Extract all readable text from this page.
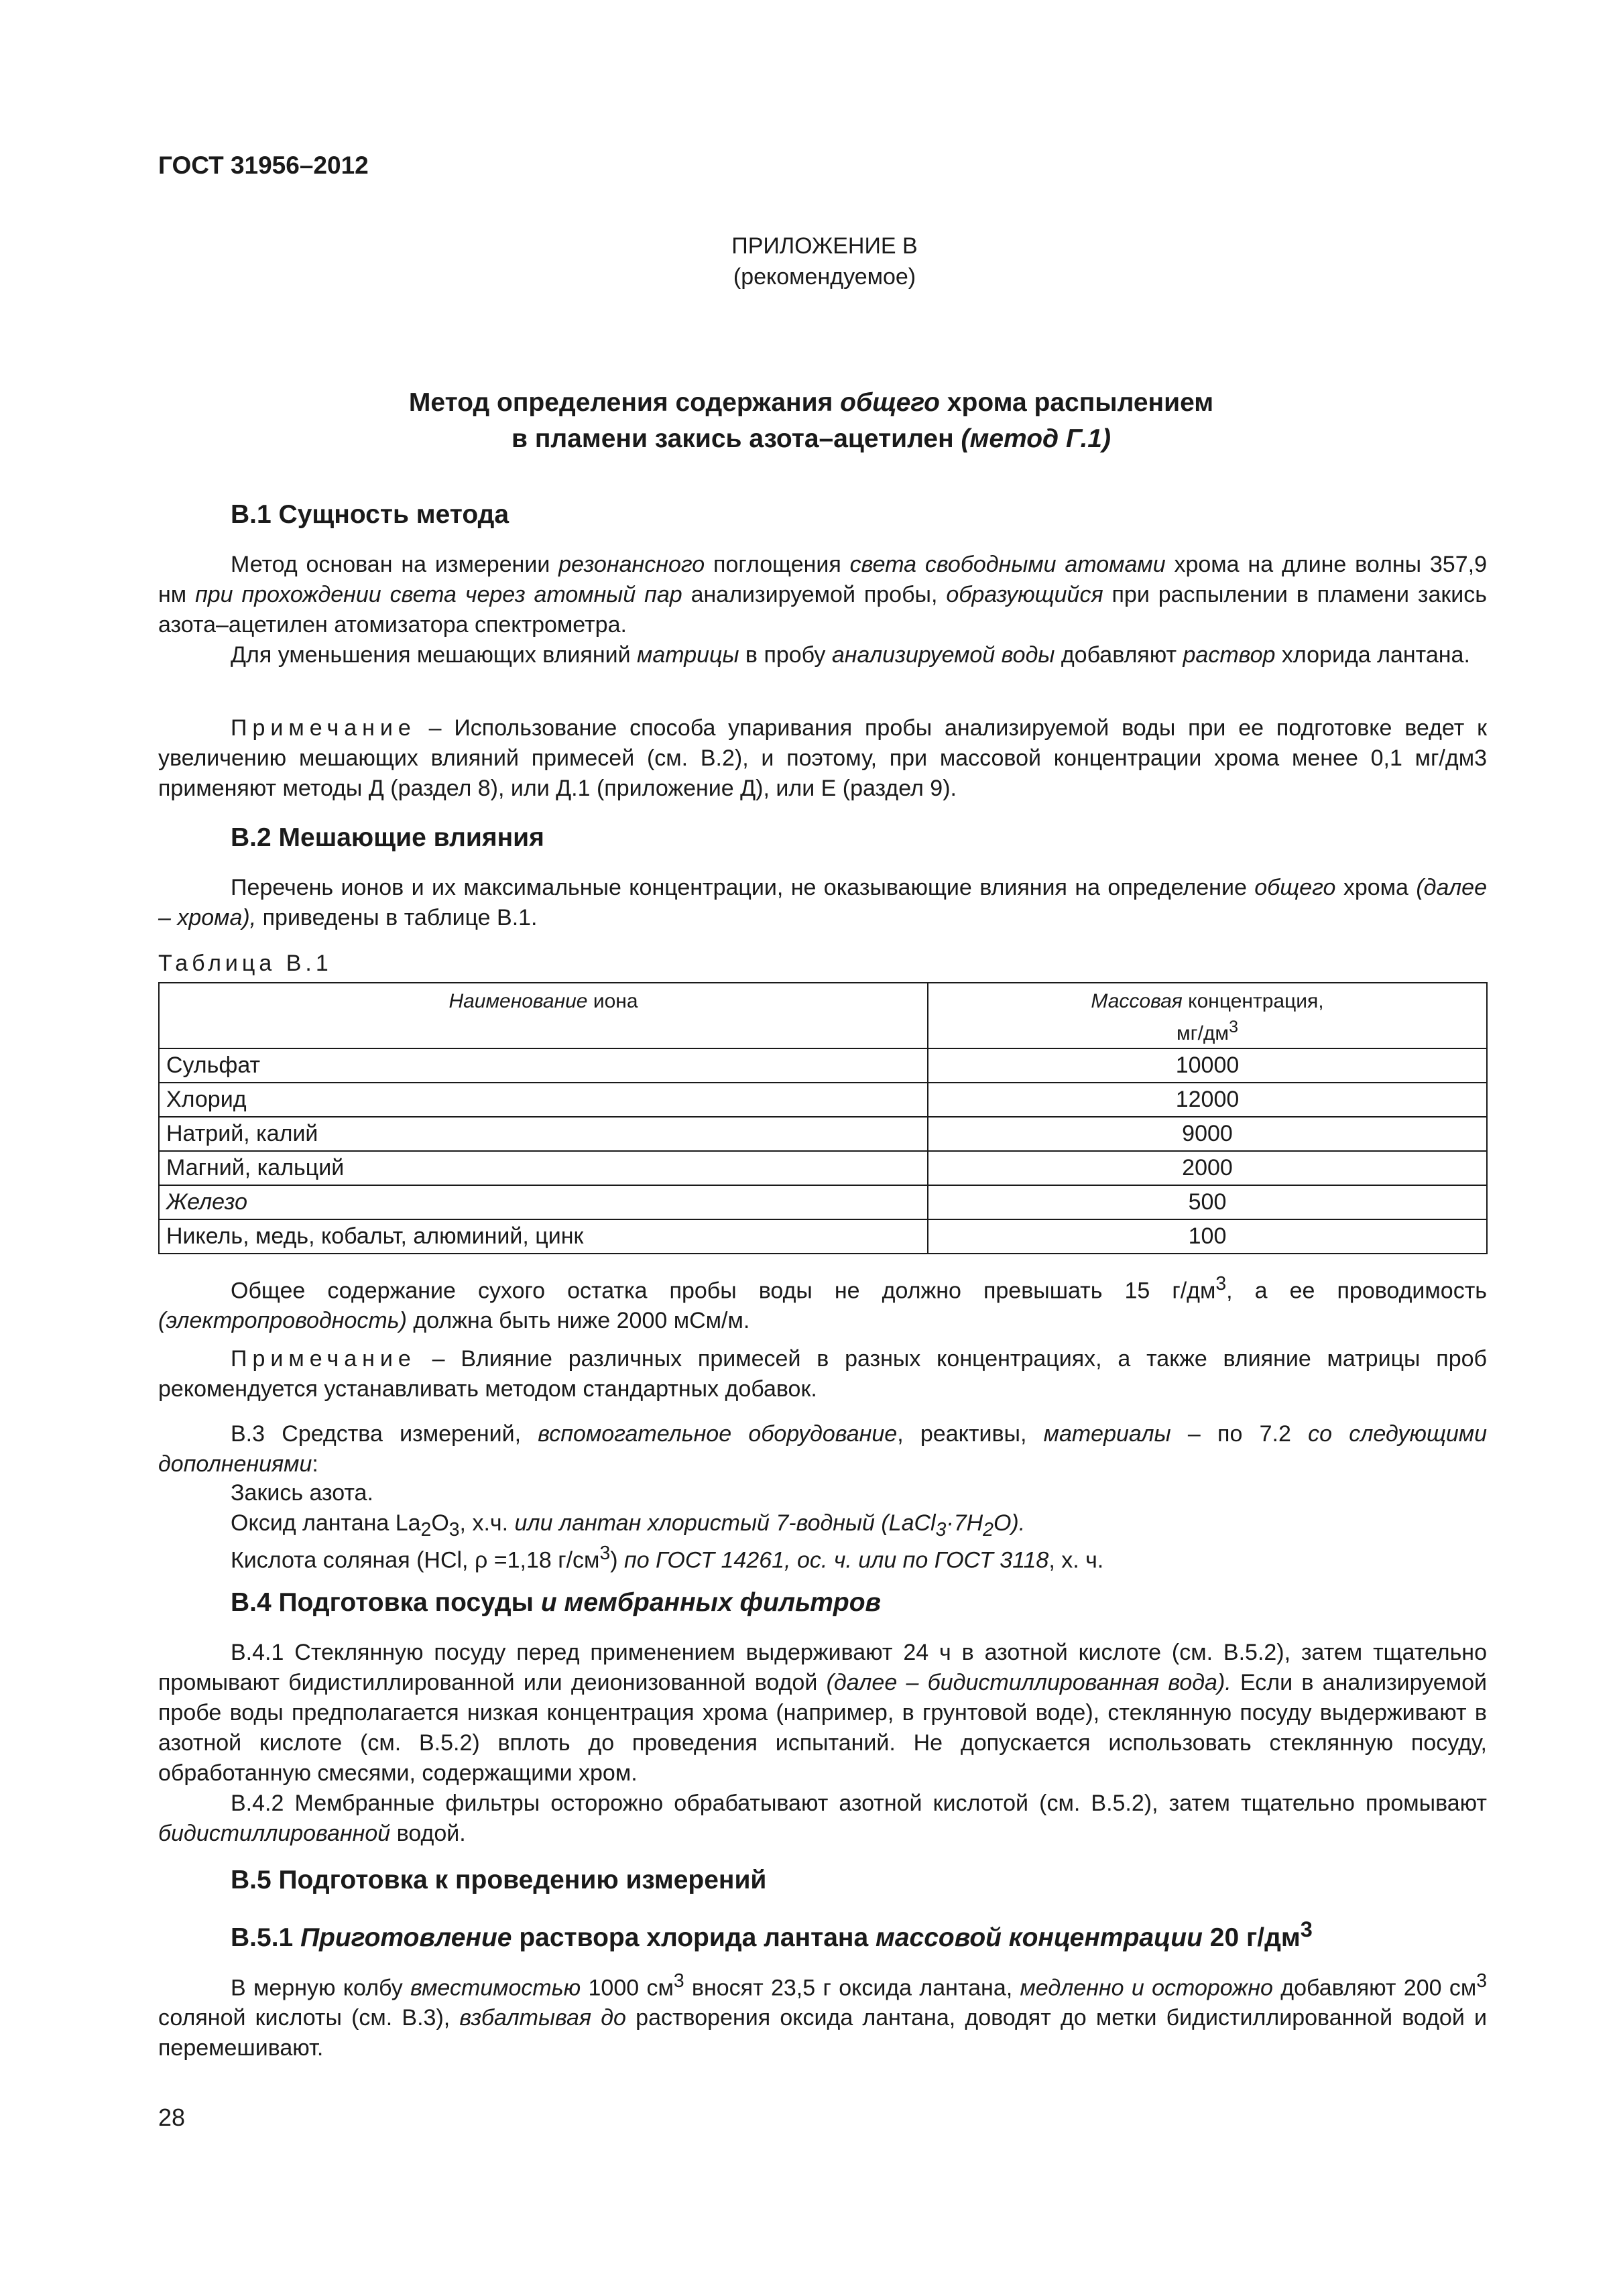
ГОСТ 31956–2012
ПРИЛОЖЕНИЕ В
(рекомендуемое)
Метод определения содержания общего хрома распылением
в пламени закись азота–ацетилен (метод Г.1)
В.1 Сущность метода

Метод основан на измерении резонансного поглощения света свободными атомами хрома на длине волны 357,9 нм при прохождении света через атомный пар анализируемой пробы, образующийся при распылении в пламени закись азота–ацетилен атомизатора спектрометра.

Для уменьшения мешающих влияний матрицы в пробу анализируемой воды добавляют раствор хлорида лантана.

Примечание – Использование способа упаривания пробы анализируемой воды при ее подготовке ведет к увеличению мешающих влияний примесей (см. В.2), и поэтому, при массовой концентрации хрома менее 0,1 мг/дм3 применяют методы Д (раздел 8), или Д.1 (приложение Д), или Е (раздел 9).

В.2 Мешающие влияния

Перечень ионов и их максимальные концентрации, не оказывающие влияния на определение общего хрома (далее – хрома), приведены в таблице В.1.

Таблица В.1
Наименование иона	Массовая концентрация,
$мг/дм^3$
Сульфат	10000
Хлорид	12000
Натрий, калий	9000
Магний, кальций	2000
Железо	500
Никель, медь, кобальт, алюминий, цинк	100

Общее содержание сухого остатка пробы воды не должно превышать 15 $г/дм^3$, а ее проводимость (электропроводность) должна быть ниже 2000 мСм/м.

Примечание – Влияние различных примесей в разных концентрациях, а также влияние матрицы проб рекомендуется устанавливать методом стандартных добавок.

В.3 Средства измерений, вспомогательное оборудование, реактивы, материалы – по 7.2 со следующими дополнениями:

Закись азота.

Оксид лантана $La_2O_3$, х.ч. или лантан хлористый 7-водный $(LaCl_3\cdot 7H_2O)$.

Кислота соляная (HCl, ρ =1,18 $г/см^3$) по ГОСТ 14261, ос. ч. или по ГОСТ 3118, х. ч.

В.4 Подготовка посуды и мембранных фильтров

В.4.1 Стеклянную посуду перед применением выдерживают 24 ч в азотной кислоте (см. В.5.2), затем тщательно промывают бидистиллированной или деионизованной водой (далее – бидистиллированная вода). Если в анализируемой пробе воды предполагается низкая концентрация хрома (например, в грунтовой воде), стеклянную посуду выдерживают в азотной кислоте (см. В.5.2) вплоть до проведения испытаний. Не допускается использовать стеклянную посуду, обработанную смесями, содержащими хром.

В.4.2 Мембранные фильтры осторожно обрабатывают азотной кислотой (см. В.5.2), затем тщательно промывают бидистиллированной водой.

В.5 Подготовка к проведению измерений
В.5.1 Приготовление раствора хлорида лантана массовой концентрации 20 $г/дм^3$

В мерную колбу вместимостью 1000 $см^3$ вносят 23,5 г оксида лантана, медленно и осторожно добавляют 200 $см^3$ соляной кислоты (см. В.3), взбалтывая до растворения оксида лантана, доводят до метки бидистиллированной водой и перемешивают.

28
